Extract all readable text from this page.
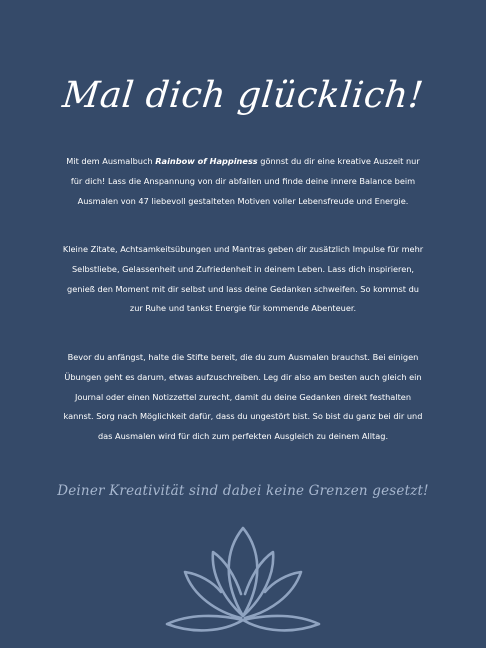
Mal dich glücklich!

Mit dem Ausmalbuch Rainbow of Happiness gönnst du dir eine kreative Auszeit nur für dich! Lass die Anspannung von dir abfallen und finde deine innere Balance beim Ausmalen von 47 liebevoll gestalteten Motiven voller Lebensfreude und Energie.

Kleine Zitate, Achtsamkeitsübungen und Mantras geben dir zusätzlich Impulse für mehr Selbstliebe, Gelassenheit und Zufriedenheit in deinem Leben. Lass dich inspirieren, genieß den Moment mit dir selbst und lass deine Gedanken schweifen. So kommst du zur Ruhe und tankst Energie für kommende Abenteuer.

Bevor du anfängst, halte die Stifte bereit, die du zum Ausmalen brauchst. Bei einigen Übungen geht es darum, etwas aufzuschreiben. Leg dir also am besten auch gleich ein Journal oder einen Notizzettel zurecht, damit du deine Gedanken direkt festhalten kannst. Sorg nach Möglichkeit dafür, dass du ungestört bist. So bist du ganz bei dir und das Ausmalen wird für dich zum perfekten Ausgleich zu deinem Alltag.

Deiner Kreativität sind dabei keine Grenzen gesetzt!
